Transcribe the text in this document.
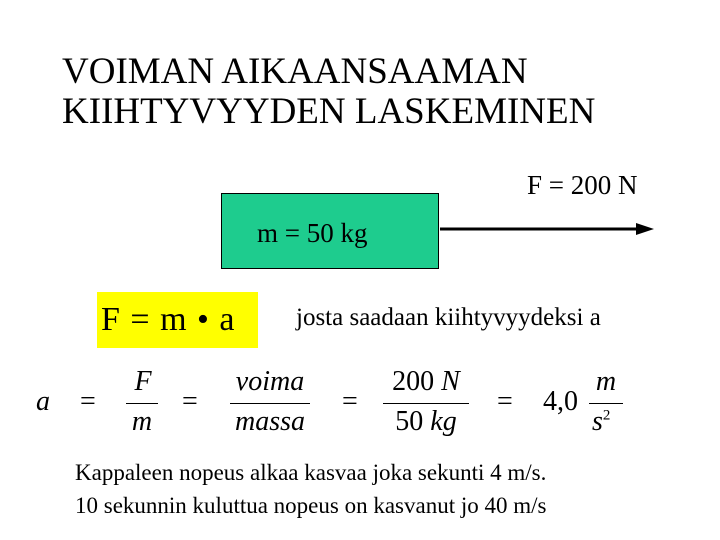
VOIMAN AIKAANSAAMAN
KIIHTYVYYDEN LASKEMINEN
F = 200 N
m = 50 kg
F = m • a josta saadaan kiihtyvyydeksi a
a =
F
m
=
voima
massa
=
200 N
50 kg
= 4,0
m
$s^2$
Kappaleen nopeus alkaa kasvaa joka sekunti 4 m/s.
10 sekunnin kuluttua nopeus on kasvanut jo 40 m/s
